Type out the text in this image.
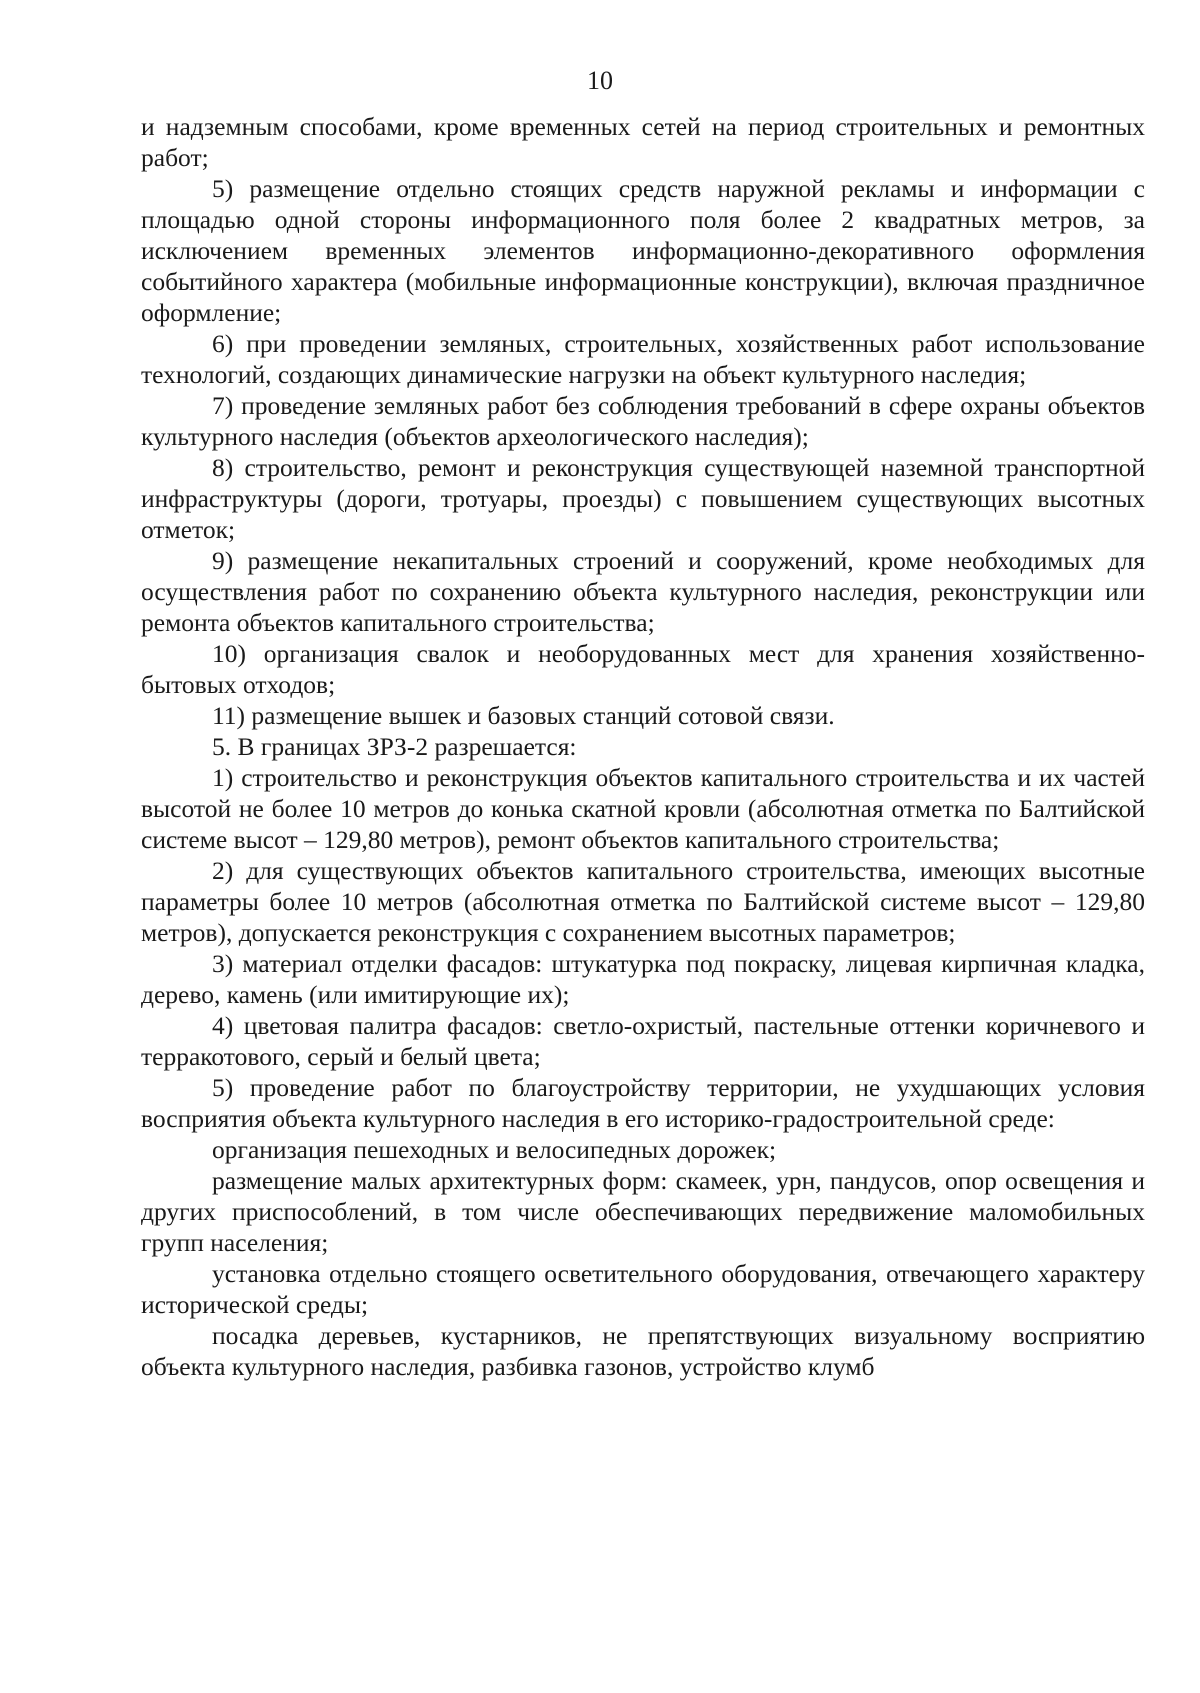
10

и надземным способами, кроме временных сетей на период строительных и ремонтных работ;

5) размещение отдельно стоящих средств наружной рекламы и информации с площадью одной стороны информационного поля более 2 квадратных метров, за исключением временных элементов информационно-декоративного оформления событийного характера (мобильные информационные конструкции), включая праздничное оформление;

6) при проведении земляных, строительных, хозяйственных работ использование технологий, создающих динамические нагрузки на объект культурного наследия;

7) проведение земляных работ без соблюдения требований в сфере охраны объектов культурного наследия (объектов археологического наследия);

8) строительство, ремонт и реконструкция существующей наземной транспортной инфраструктуры (дороги, тротуары, проезды) с повышением существующих высотных отметок;

9) размещение некапитальных строений и сооружений, кроме необходимых для осуществления работ по сохранению объекта культурного наследия, реконструкции или ремонта объектов капитального строительства;

10) организация свалок и необорудованных мест для хранения хозяйственно-бытовых отходов;

11) размещение вышек и базовых станций сотовой связи.

5. В границах ЗРЗ-2 разрешается:

1) строительство и реконструкция объектов капитального строительства и их частей высотой не более 10 метров до конька скатной кровли (абсолютная отметка по Балтийской системе высот – 129,80 метров), ремонт объектов капитального строительства;

2) для существующих объектов капитального строительства, имеющих высотные параметры более 10 метров (абсолютная отметка по Балтийской системе высот – 129,80 метров), допускается реконструкция с сохранением высотных параметров;

3) материал отделки фасадов: штукатурка под покраску, лицевая кирпичная кладка, дерево, камень (или имитирующие их);

4) цветовая палитра фасадов: светло-охристый, пастельные оттенки коричневого и терракотового, серый и белый цвета;

5) проведение работ по благоустройству территории, не ухудшающих условия восприятия объекта культурного наследия в его историко-градостроительной среде:

организация пешеходных и велосипедных дорожек;

размещение малых архитектурных форм: скамеек, урн, пандусов, опор освещения и других приспособлений, в том числе обеспечивающих передвижение маломобильных групп населения;

установка отдельно стоящего осветительного оборудования, отвечающего характеру исторической среды;

посадка деревьев, кустарников, не препятствующих визуальному восприятию объекта культурного наследия, разбивка газонов, устройство клумб
